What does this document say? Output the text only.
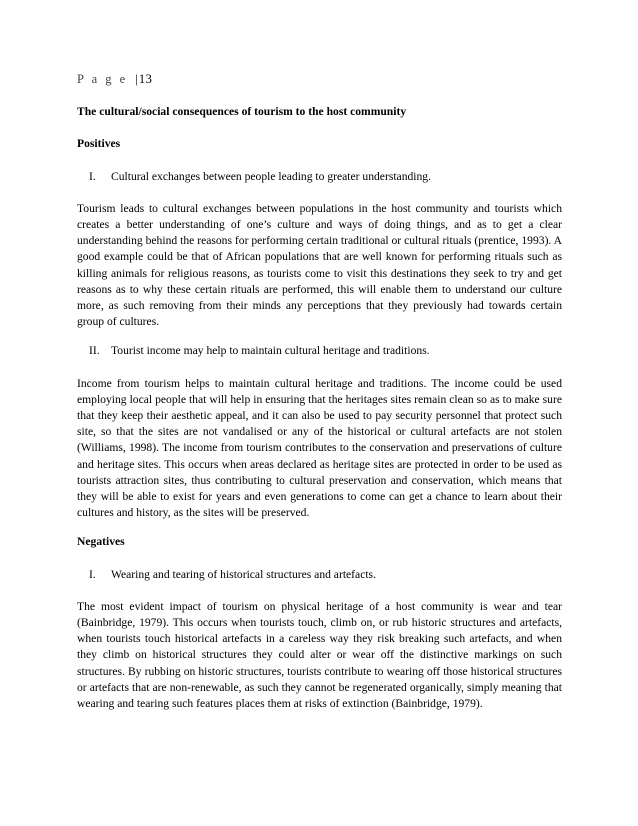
P a g e |13
The cultural/social consequences of tourism to the host community
Positives
I.	Cultural exchanges between people leading to greater understanding.

Tourism leads to cultural exchanges between populations in the host community and tourists which creates a better understanding of one’s culture and ways of doing things, and as to get a clear understanding behind the reasons for performing certain traditional or cultural rituals (prentice, 1993). A good example could be that of African populations that are well known for performing rituals such as killing animals for religious reasons, as tourists come to visit this destinations they seek to try and get reasons as to why these certain rituals are performed, this will enable them to understand our culture more, as such removing from their minds any perceptions that they previously had towards certain group of cultures.

II. Tourist income may help to maintain cultural heritage and traditions.

Income from tourism helps to maintain cultural heritage and traditions. The income could be used employing local people that will help in ensuring that the heritages sites remain clean so as to make sure that they keep their aesthetic appeal, and it can also be used to pay security personnel that protect such site, so that the sites are not vandalised or any of the historical or cultural artefacts are not stolen (Williams, 1998). The income from tourism contributes to the conservation and preservations of culture and heritage sites. This occurs when areas declared as heritage sites are protected in order to be used as tourists attraction sites, thus contributing to cultural preservation and conservation, which means that they will be able to exist for years and even generations to come can get a chance to learn about their cultures and history, as the sites will be preserved.

Negatives
I.	Wearing and tearing of historical structures and artefacts.

The most evident impact of tourism on physical heritage of a host community is wear and tear (Bainbridge, 1979). This occurs when tourists touch, climb on, or rub historic structures and artefacts, when tourists touch historical artefacts in a careless way they risk breaking such artefacts, and when they climb on historical structures they could alter or wear off the distinctive markings on such structures. By rubbing on historic structures, tourists contribute to wearing off those historical structures or artefacts that are non-renewable, as such they cannot be regenerated organically, simply meaning that wearing and tearing such features places them at risks of extinction (Bainbridge, 1979).
